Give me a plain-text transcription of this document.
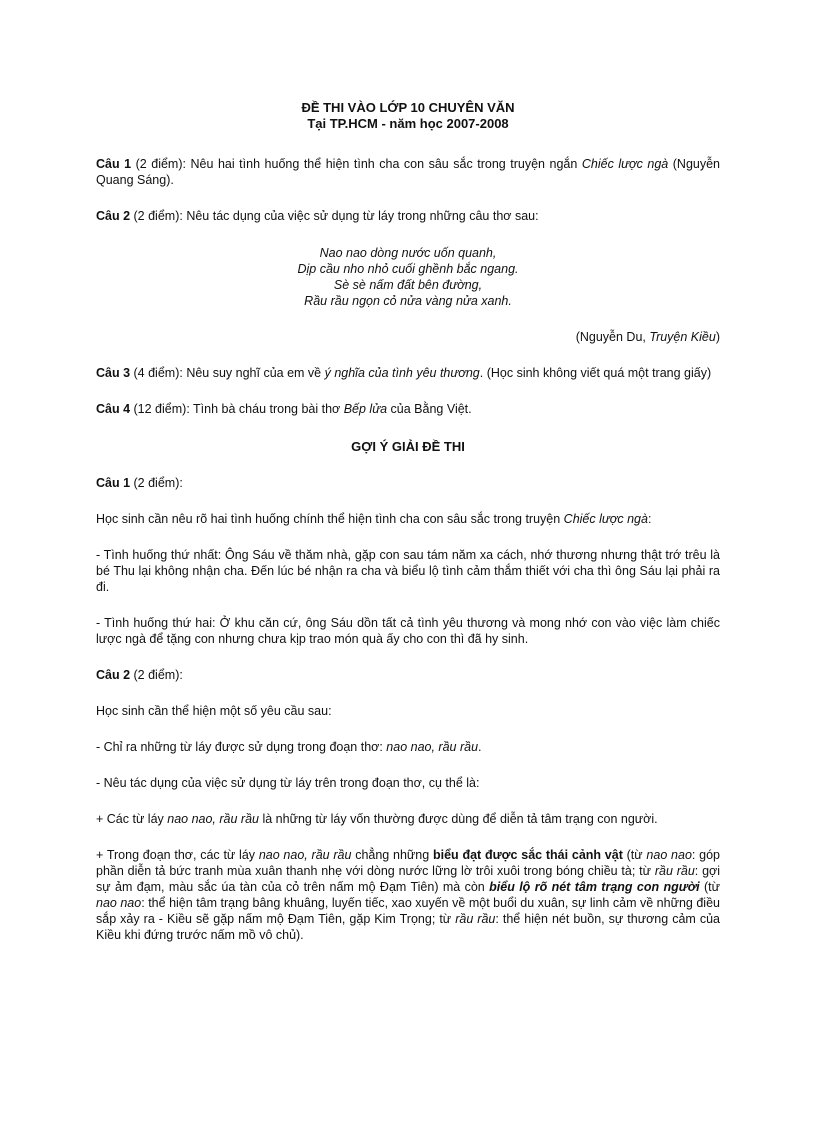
ĐỀ THI VÀO LỚP 10 CHUYÊN VĂN
Tại TP.HCM - năm học 2007-2008

Câu 1 (2 điểm): Nêu hai tình huống thể hiện tình cha con sâu sắc trong truyện ngắn Chiếc lược ngà (Nguyễn Quang Sáng).

Câu 2 (2 điểm): Nêu tác dụng của việc sử dụng từ láy trong những câu thơ sau:

Nao nao dòng nước uốn quanh,
Dịp cầu nho nhỏ cuối ghềnh bắc ngang.
Sè sè nấm đất bên đường,
Rầu rầu ngọn cỏ nửa vàng nửa xanh.

(Nguyễn Du, Truyện Kiều)

Câu 3 (4 điểm): Nêu suy nghĩ của em về ý nghĩa của tình yêu thương. (Học sinh không viết quá một trang giấy)

Câu 4 (12 điểm): Tình bà cháu trong bài thơ Bếp lửa của Bằng Việt.

GỢI Ý GIẢI ĐỀ THI

Câu 1 (2 điểm):

Học sinh cần nêu rõ hai tình huống chính thể hiện tình cha con sâu sắc trong truyện Chiếc lược ngà:

- Tình huống thứ nhất: Ông Sáu về thăm nhà, gặp con sau tám năm xa cách, nhớ thương nhưng thật trớ trêu là bé Thu lại không nhận cha. Đến lúc bé nhận ra cha và biểu lộ tình cảm thắm thiết với cha thì ông Sáu lại phải ra đi.

- Tình huống thứ hai: Ở khu căn cứ, ông Sáu dồn tất cả tình yêu thương và mong nhớ con vào việc làm chiếc lược ngà để tặng con nhưng chưa kịp trao món quà ấy cho con thì đã hy sinh.

Câu 2 (2 điểm):

Học sinh cần thể hiện một số yêu cầu sau:

- Chỉ ra những từ láy được sử dụng trong đoạn thơ: nao nao, rầu rầu.

- Nêu tác dụng của việc sử dụng từ láy trên trong đoạn thơ, cụ thể là:

+ Các từ láy nao nao, rầu rầu là những từ láy vốn thường được dùng để diễn tả tâm trạng con người.

+ Trong đoạn thơ, các từ láy nao nao, rầu rầu chẳng những biểu đạt được sắc thái cảnh vật (từ nao nao: góp phần diễn tả bức tranh mùa xuân thanh nhẹ với dòng nước lững lờ trôi xuôi trong bóng chiều tà; từ rầu rầu: gợi sự ảm đạm, màu sắc úa tàn của cỏ trên nấm mộ Đạm Tiên) mà còn biểu lộ rõ nét tâm trạng con người (từ nao nao: thể hiện tâm trạng bâng khuâng, luyến tiếc, xao xuyến về một buổi du xuân, sự linh cảm về những điều sắp xảy ra - Kiều sẽ gặp nấm mộ Đạm Tiên, gặp Kim Trọng; từ rầu rầu: thể hiện nét buồn, sự thương cảm của Kiều khi đứng trước nấm mồ vô chủ).
